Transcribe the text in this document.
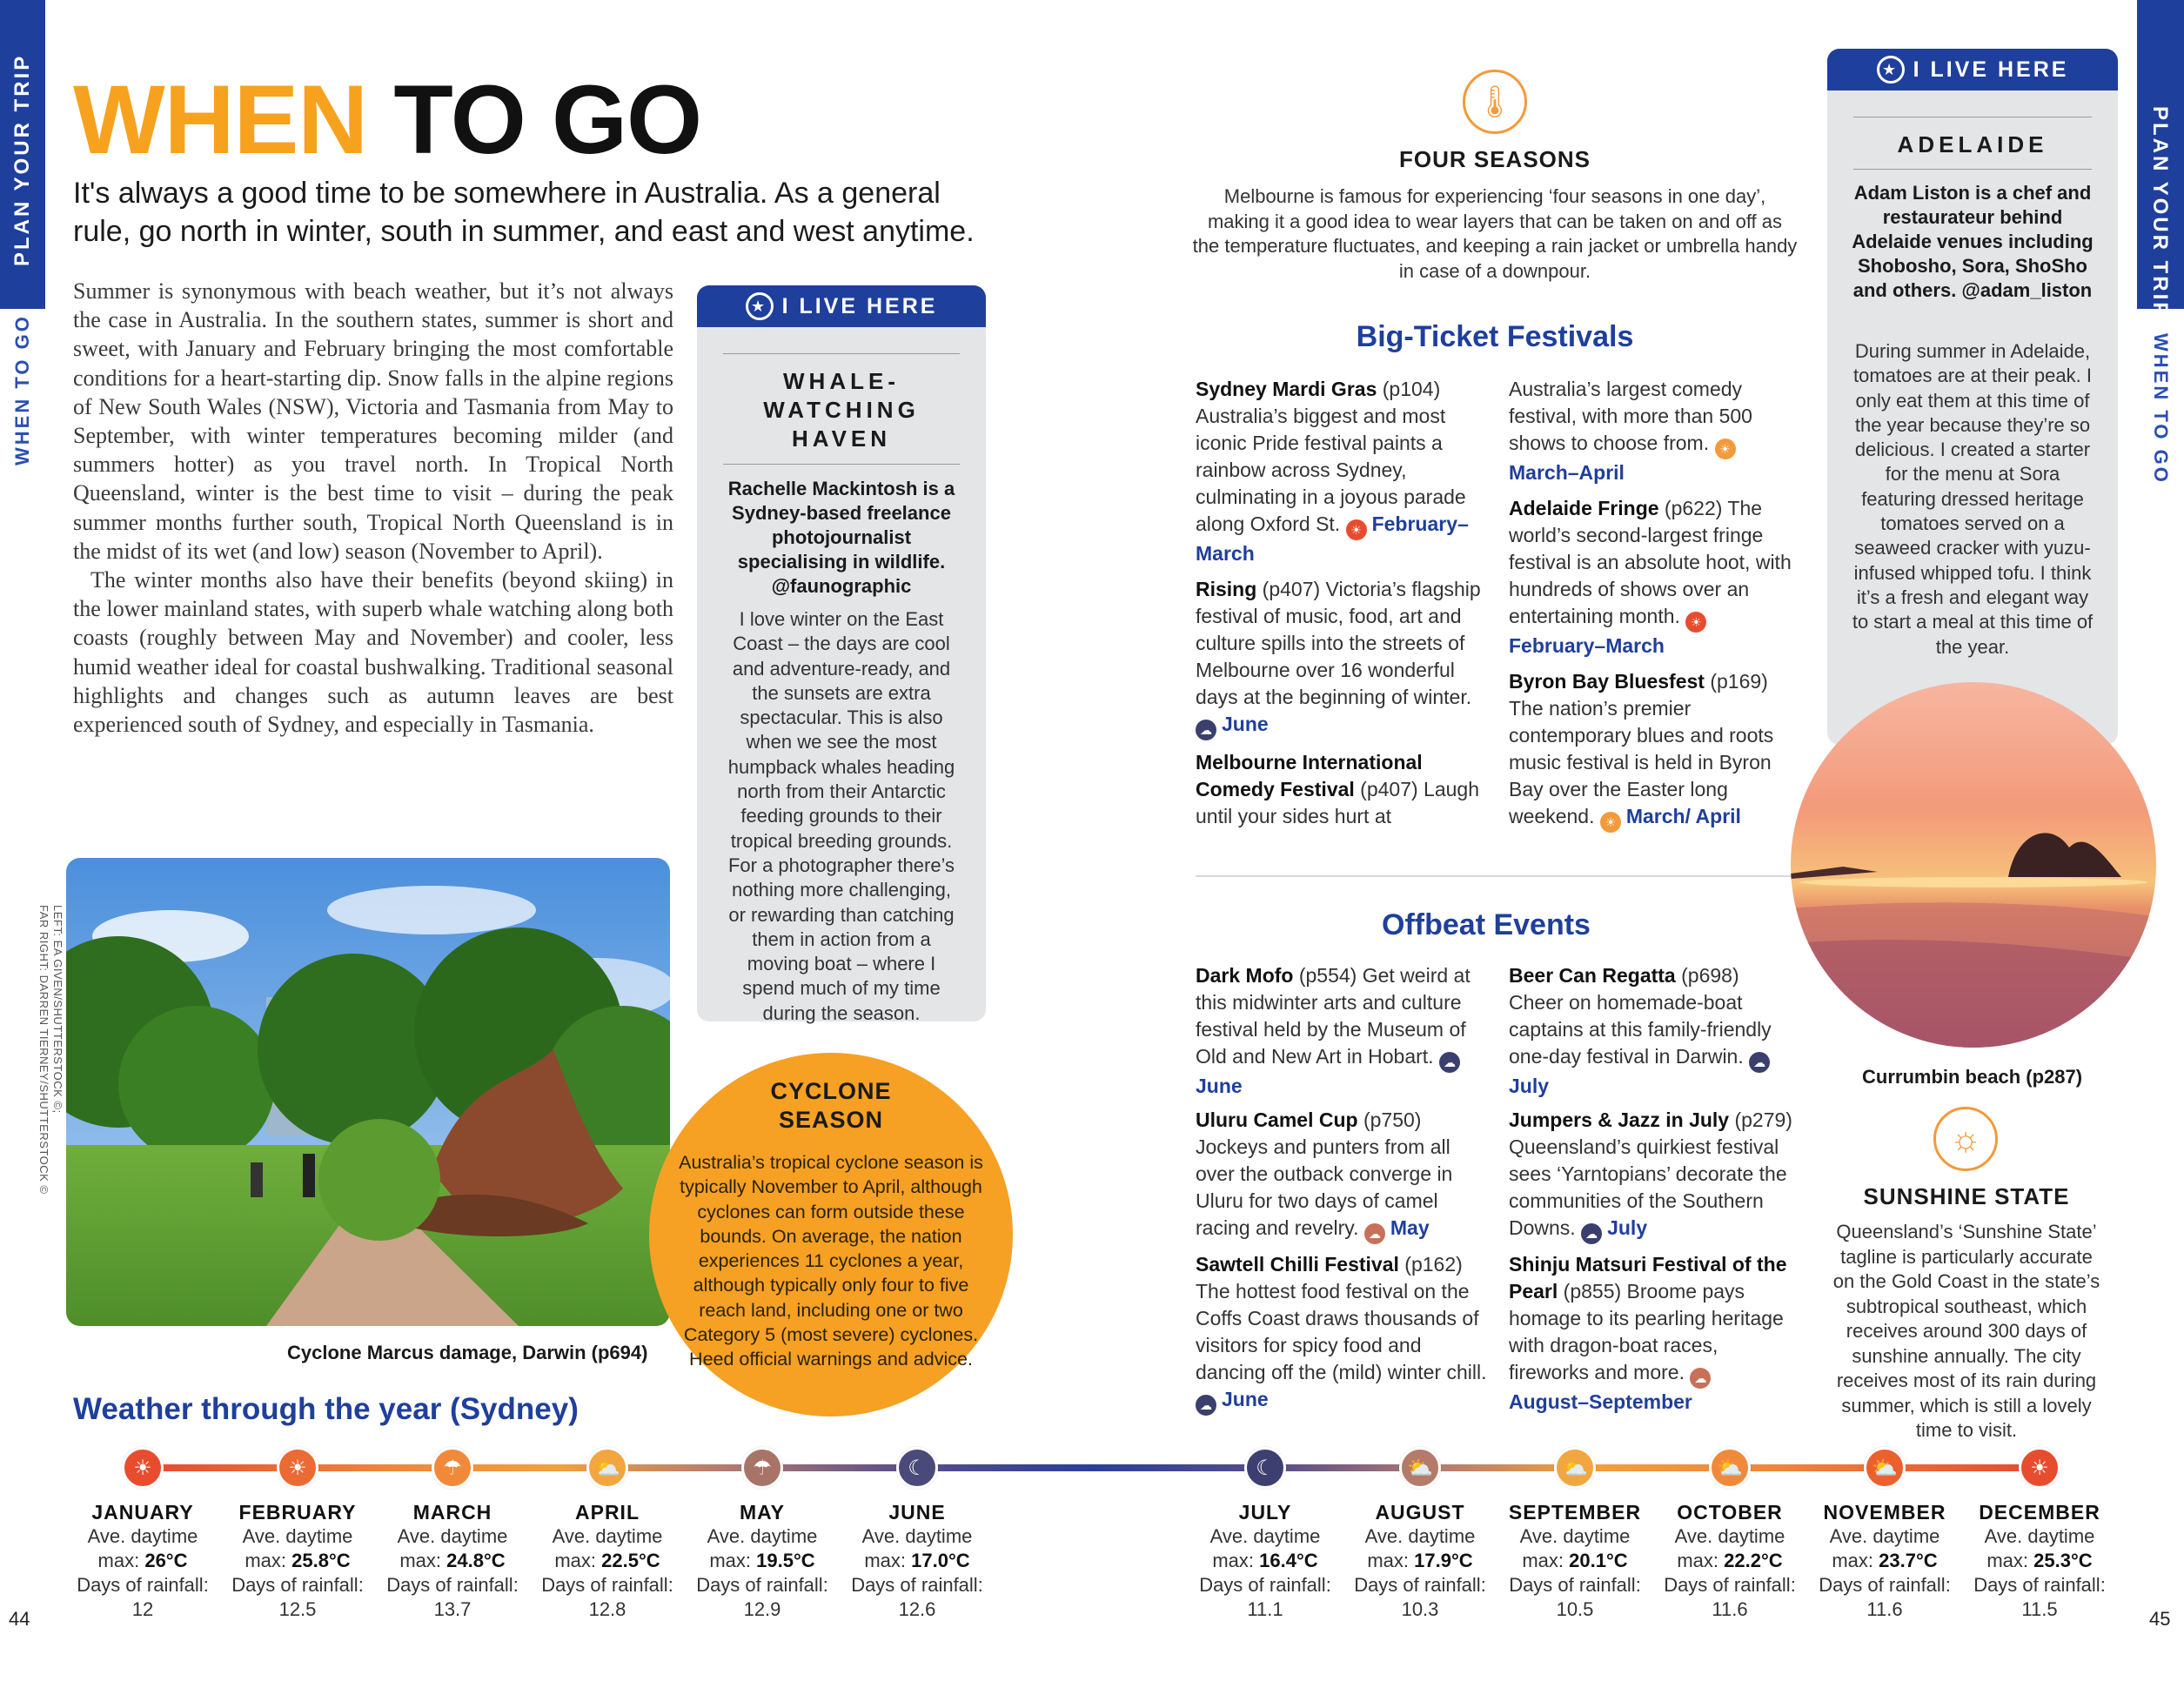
PLAN YOUR TRIP
WHEN TO GO
PLAN YOUR TRIP
WHEN TO GO
WHEN TO GO
It's always a good time to be somewhere in Australia. As a general rule, go north in winter, south in summer, and east and west anytime.

Summer is synonymous with beach weather, but it’s not always the case in Australia. In the southern states, summer is short and sweet, with January and February bringing the most comfortable conditions for a heart-starting dip. Snow falls in the alpine regions of New South Wales (NSW), Victoria and Tasmania from May to September, with winter temperatures becoming milder (and summers hotter) as you travel north. In Tropical North Queensland, winter is the best time to visit – during the peak summer months further south, Tropical North Queensland is in the midst of its wet (and low) season (November to April).

The winter months also have their benefits (beyond skiing) in the lower mainland states, with superb whale watching along both coasts (roughly between May and November) and cooler, less humid weather ideal for coastal bushwalking. Traditional seasonal highlights and changes such as autumn leaves are best experienced south of Sydney, and especially in Tasmania.

★
I LIVE HERE
WHALE-WATCHING HAVEN
Rachelle Mackintosh is a Sydney-based freelance photojournalist specialising in wildlife. @faunographic
I love winter on the East Coast – the days are cool and adventure-ready, and the sunsets are extra spectacular. This is also when we see the most humpback whales heading north from their Antarctic feeding grounds to their tropical breeding grounds. For a photographer there’s nothing more challenging, or rewarding than catching them in action from a moving boat – where I spend much of my time during the season.
Cyclone Marcus damage, Darwin (p694)
LEFT: EA GIVEN/SHUTTERSTOCK ©;
FAR RIGHT: DARREN TIERNEY/SHUTTERSTOCK ©	CYCLONE SEASON
Australia’s tropical cyclone season is typically November to April, although cyclones can form outside these bounds. On average, the nation experiences 11 cyclones a year, although typically only four to five reach land, including one or two Category 5 (most severe) cyclones. Heed official warnings and advice.
🌡
FOUR SEASONS
Melbourne is famous for experiencing ‘four seasons in one day’, making it a good idea to wear layers that can be taken on and off as the temperature fluctuates, and keeping a rain jacket or umbrella handy in case of a downpour.
Big-Ticket Festivals
Sydney Mardi Gras (p104) Australia’s biggest and most iconic Pride festival paints a rainbow across Sydney, culminating in a joyous parade along Oxford St. ☀ February–March
Rising (p407) Victoria’s flagship festival of music, food, art and culture spills into the streets of Melbourne over 16 wonderful days at the beginning of winter. ☁ June
Melbourne International Comedy Festival (p407) Laugh until your sides hurt at
Australia’s largest comedy festival, with more than 500 shows to choose from. ☀March–April
Adelaide Fringe (p622) The world’s second-largest fringe festival is an absolute hoot, with hundreds of shows over an entertaining month. ☀February–March
Byron Bay Bluesfest (p169) The nation’s premier contemporary blues and roots music festival is held in Byron Bay over the Easter long weekend. ☀ March/ April
Offbeat Events
Dark Mofo (p554) Get weird at this midwinter arts and culture festival held by the Museum of Old and New Art in Hobart. ☁June
Uluru Camel Cup (p750) Jockeys and punters from all over the outback converge in Uluru for two days of camel racing and revelry. ☁ May
Sawtell Chilli Festival (p162) The hottest food festival on the Coffs Coast draws thousands of visitors for spicy food and dancing off the (mild) winter chill. ☁ June
Beer Can Regatta (p698) Cheer on homemade-boat captains at this family-friendly one-day festival in Darwin. ☁July
Jumpers & Jazz in July (p279) Queensland’s quirkiest festival sees ‘Yarntopians’ decorate the communities of the Southern Downs. ☁ July
Shinju Matsuri Festival of the Pearl (p855) Broome pays homage to its pearling heritage with dragon-boat races, fireworks and more. ☁August–September
★
I LIVE HERE
ADELAIDE
Adam Liston is a chef and restaurateur behind Adelaide venues including Shobosho, Sora, ShoSho and others. @adam_liston
During summer in Adelaide, tomatoes are at their peak. I only eat them at this time of the year because they’re so delicious. I created a starter for the menu at Sora featuring dressed heritage tomatoes served on a seaweed cracker with yuzu-infused whipped tofu. I think it’s a fresh and elegant way to start a meal at this time of the year.
Currumbin beach (p287)
☼
SUNSHINE STATE
Queensland’s ‘Sunshine State’ tagline is particularly accurate on the Gold Coast in the state’s subtropical southeast, which receives around 300 days of sunshine annually. The city receives most of its rain during summer, which is still a lovely time to visit.
Weather through the year (Sydney)
☀
JANUARY
Ave. daytime
max: 26°C
Days of rainfall:
12
☀
FEBRUARY
Ave. daytime
max: 25.8°C
Days of rainfall:
12.5
☂
MARCH
Ave. daytime
max: 24.8°C
Days of rainfall:
13.7
⛅
APRIL
Ave. daytime
max: 22.5°C
Days of rainfall:
12.8
☂
MAY
Ave. daytime
max: 19.5°C
Days of rainfall:
12.9
☾
JUNE
Ave. daytime
max: 17.0°C
Days of rainfall:
12.6
☾
JULY
Ave. daytime
max: 16.4°C
Days of rainfall:
11.1
⛅
AUGUST
Ave. daytime
max: 17.9°C
Days of rainfall:
10.3
⛅
SEPTEMBER
Ave. daytime
max: 20.1°C
Days of rainfall:
10.5
⛅
OCTOBER
Ave. daytime
max: 22.2°C
Days of rainfall:
11.6
⛅
NOVEMBER
Ave. daytime
max: 23.7°C
Days of rainfall:
11.6
☀
DECEMBER
Ave. daytime
max: 25.3°C
Days of rainfall:
11.5
44	45
